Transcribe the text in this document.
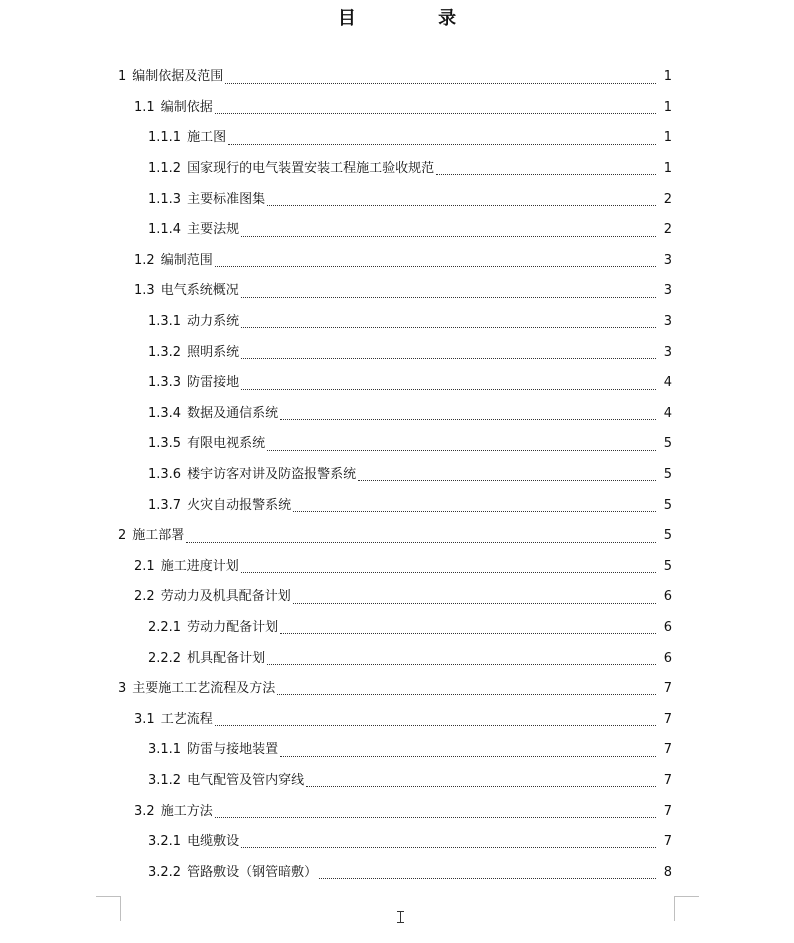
目 录
1 编制依据及范围	1
1.1 编制依据	1
1.1.1 施工图	1
1.1.2 国家现行的电气装置安装工程施工验收规范	1
1.1.3 主要标准图集	2
1.1.4 主要法规	2
1.2 编制范围	3
1.3 电气系统概况	3
1.3.1 动力系统	3
1.3.2 照明系统	3
1.3.3 防雷接地	4
1.3.4 数据及通信系统	4
1.3.5 有限电视系统	5
1.3.6 楼宇访客对讲及防盗报警系统	5
1.3.7 火灾自动报警系统	5
2 施工部署	5
2.1 施工进度计划	5
2.2 劳动力及机具配备计划	6
2.2.1 劳动力配备计划	6
2.2.2 机具配备计划	6
3 主要施工工艺流程及方法	7
3.1 工艺流程	7
3.1.1 防雷与接地装置	7
3.1.2 电气配管及管内穿线	7
3.2 施工方法	7
3.2.1 电缆敷设	7
3.2.2 管路敷设（钢管暗敷）	8
